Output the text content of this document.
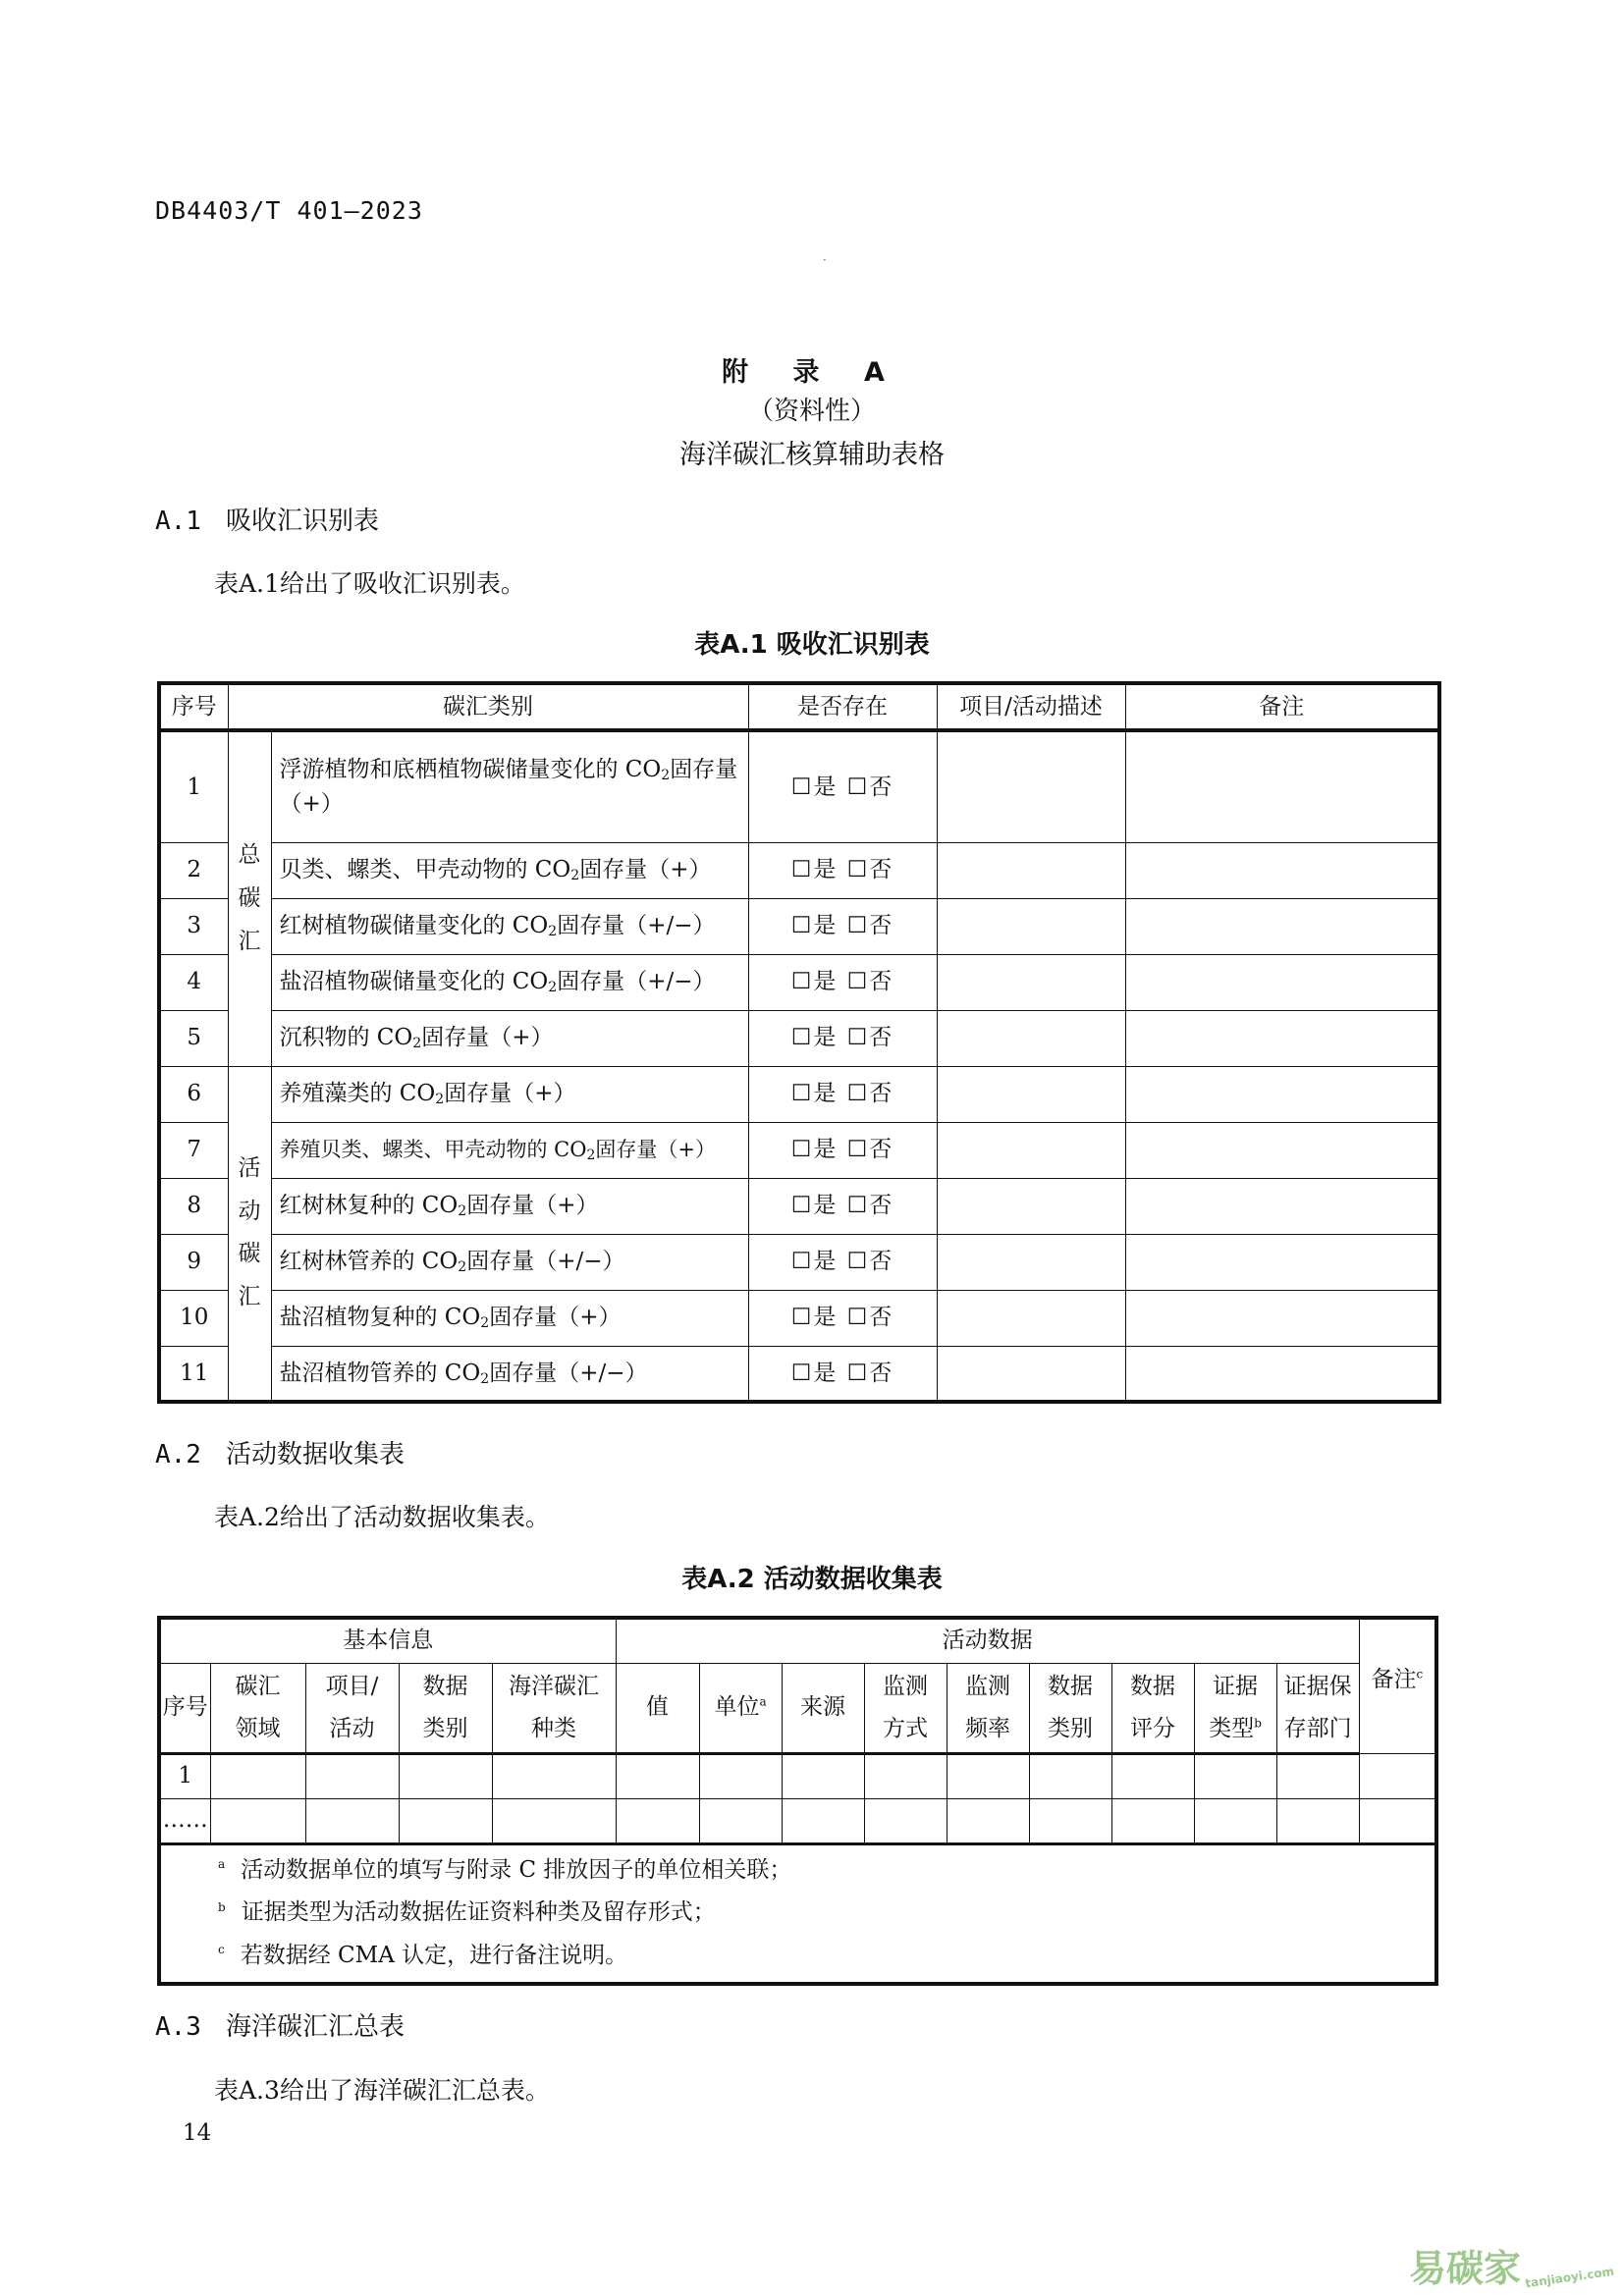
DB4403/T 401—2023
·
附 录 A
（资料性）
海洋碳汇核算辅助表格
A.1 吸收汇识别表
表A.1给出了吸收汇识别表。
表A.1 吸收汇识别表
序号	碳汇类别		是否存在	项目/活动描述	备注
1	总碳汇	浮游植物和底栖植物碳储量变化的 $CO_2$固存量（+）	☐是 ☐否		
2		贝类、螺类、甲壳动物的 $CO_2$固存量（+）	☐是 ☐否		
3		红树植物碳储量变化的 $CO_2$固存量（+/−）	☐是 ☐否		
4		盐沼植物碳储量变化的 $CO_2$固存量（+/−）	☐是 ☐否		
5		沉积物的 $CO_2$固存量（+）	☐是 ☐否		
6	活动碳汇	养殖藻类的 $CO_2$固存量（+）	☐是 ☐否		
7		养殖贝类、螺类、甲壳动物的 $CO_2$固存量（+）	☐是 ☐否		
8		红树林复种的 $CO_2$固存量（+）	☐是 ☐否		
9		红树林管养的 $CO_2$固存量（+/−）	☐是 ☐否		
10		盐沼植物复种的 $CO_2$固存量（+）	☐是 ☐否		
11		盐沼植物管养的 $CO_2$固存量（+/−）	☐是 ☐否		
A.2 活动数据收集表
表A.2给出了活动数据收集表。
表A.2 活动数据收集表
基本信息					活动数据									备注$^c$
序号	碳汇领域	项目/活动	数据类别	海洋碳汇种类	值	单位$^a$	来源	监测方式	监测频率	数据类别	数据评分	证据类型$^b$	证据保存部门	

1														
……														

$^a$ 活动数据单位的填写与附录 C 排放因子的单位相关联；
$^b$ 证据类型为活动数据佐证资料种类及留存形式；
$^c$ 若数据经 CMA 认定，进行备注说明。														
A.3 海洋碳汇汇总表
表A.3给出了海洋碳汇汇总表。
14
易碳家 tanjiaoyi.com
